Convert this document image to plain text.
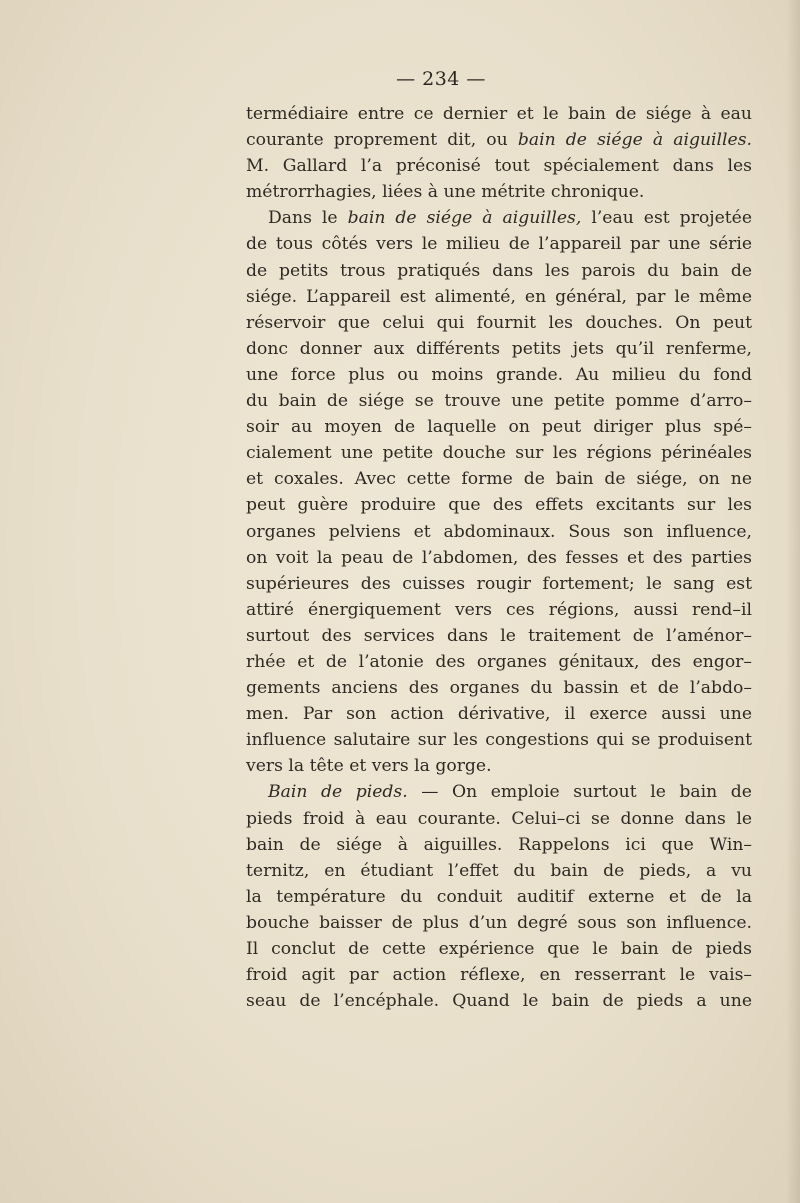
— 234 —
termédiaire entre ce dernier et le bain de siége à eau
courante proprement dit, ou bain de siége à aiguilles.
M. Gallard l’a préconisé tout spécialement dans les
métrorrhagies, liées à une métrite chronique.
Dans le bain de siége à aiguilles, l’eau est projetée
de tous côtés vers le milieu de l’appareil par une série
de petits trous pratiqués dans les parois du bain de
siége. L’appareil est alimenté, en général, par le même
réservoir que celui qui fournit les douches. On peut
donc donner aux différents petits jets qu’il renferme,
une force plus ou moins grande. Au milieu du fond
du bain de siége se trouve une petite pomme d’arro–
soir au moyen de laquelle on peut diriger plus spé–
cialement une petite douche sur les régions périnéales
et coxales. Avec cette forme de bain de siége, on ne
peut guère produire que des effets excitants sur les
organes pelviens et abdominaux. Sous son influence,
on voit la peau de l’abdomen, des fesses et des parties
supérieures des cuisses rougir fortement; le sang est
attiré énergiquement vers ces régions, aussi rend–il
surtout des services dans le traitement de l’aménor–
rhée et de l’atonie des organes génitaux, des engor–
gements anciens des organes du bassin et de l’abdo–
men. Par son action dérivative, il exerce aussi une
influence salutaire sur les congestions qui se produisent
vers la tête et vers la gorge.
Bain de pieds. — On emploie surtout le bain de
pieds froid à eau courante. Celui–ci se donne dans le
bain de siége à aiguilles. Rappelons ici que Win–
ternitz, en étudiant l’effet du bain de pieds, a vu
la température du conduit auditif externe et de la
bouche baisser de plus d’un degré sous son influence.
Il conclut de cette expérience que le bain de pieds
froid agit par action réflexe, en resserrant le vais–
seau de l’encéphale. Quand le bain de pieds a une
